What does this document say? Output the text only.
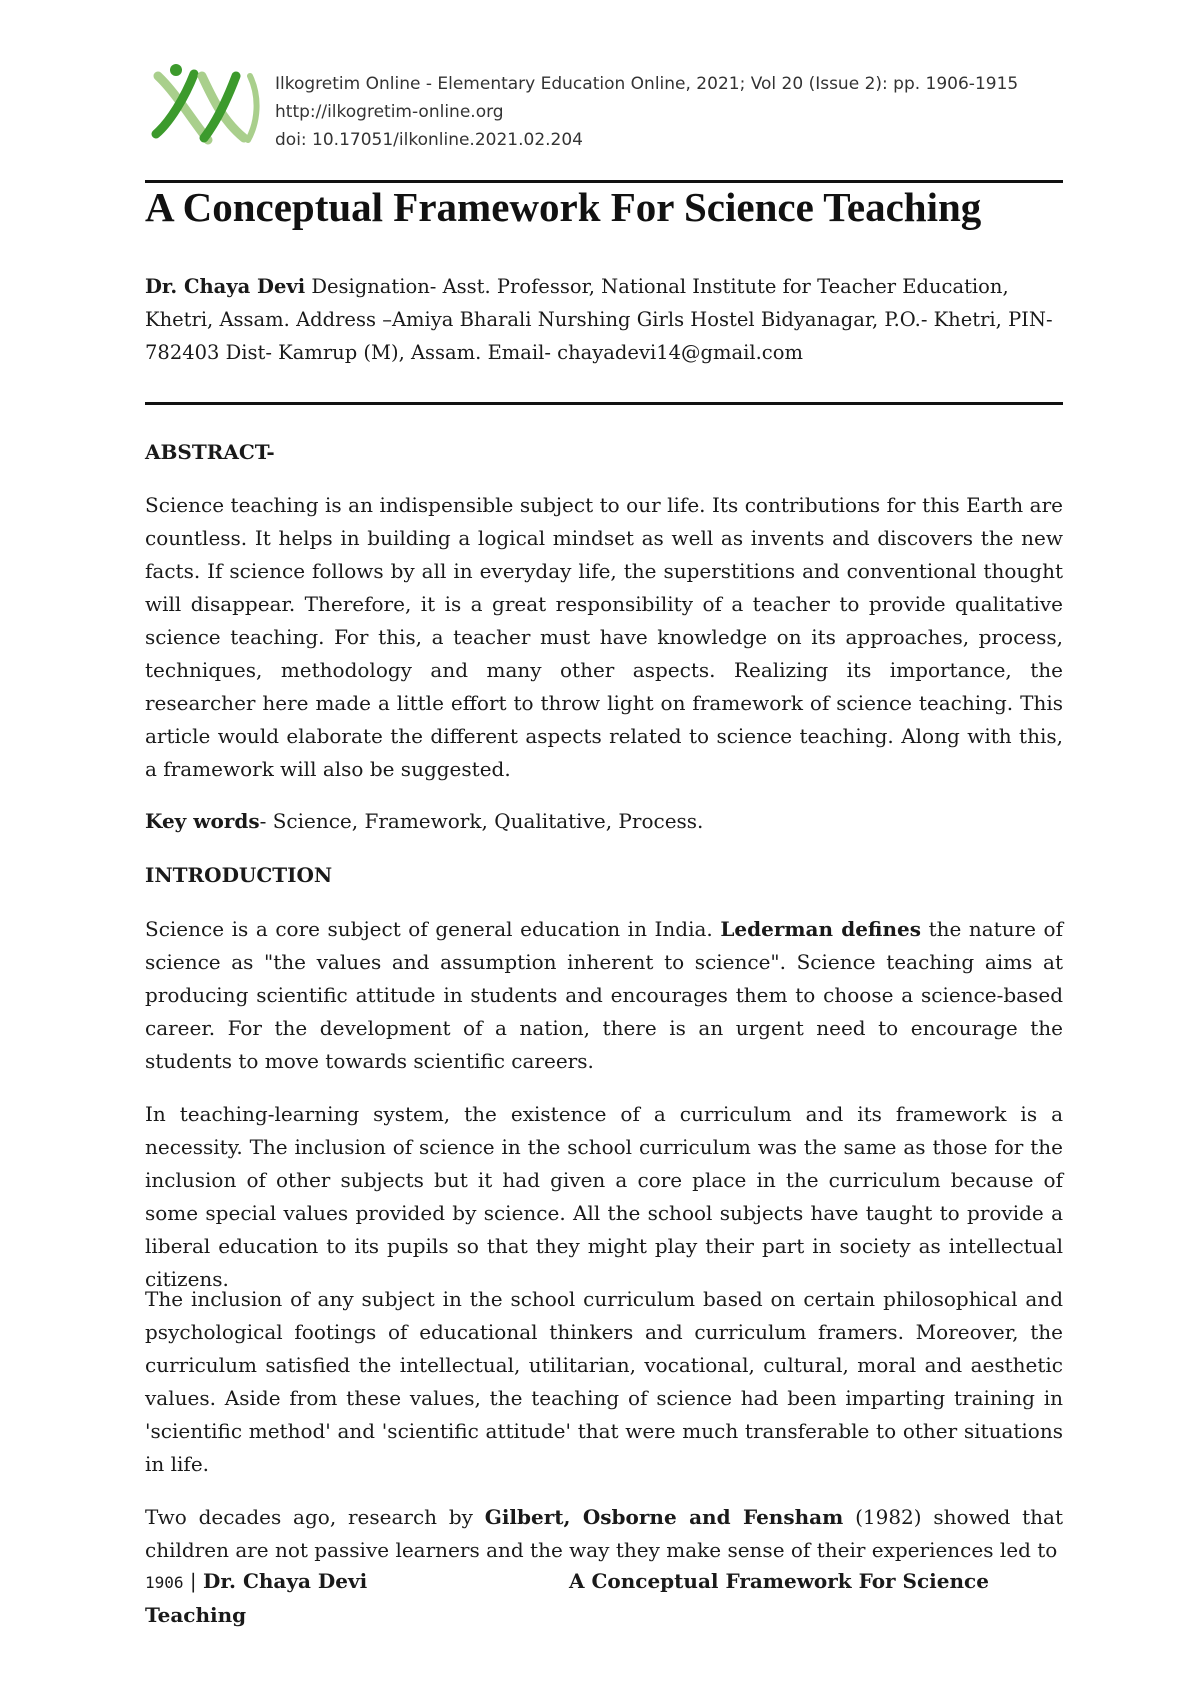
Ilkogretim Online - Elementary Education Online, 2021; Vol 20 (Issue 2): pp. 1906-1915
http://ilkogretim-online.org
doi: 10.17051/ilkonline.2021.02.204
A Conceptual Framework For Science Teaching

Dr. Chaya Devi Designation- Asst. Professor, National Institute for Teacher Education, Khetri, Assam. Address –Amiya Bharali Nurshing Girls Hostel Bidyanagar, P.O.- Khetri, PIN-782403 Dist- Kamrup (M), Assam. Email- chayadevi14@gmail.com

ABSTRACT-

Science teaching is an indispensible subject to our life. Its contributions for this Earth are countless. It helps in building a logical mindset as well as invents and discovers the new facts. If science follows by all in everyday life, the superstitions and conventional thought will disappear. Therefore, it is a great responsibility of a teacher to provide qualitative science teaching. For this, a teacher must have knowledge on its approaches, process, techniques, methodology and many other aspects. Realizing its importance, the researcher here made a little effort to throw light on framework of science teaching. This article would elaborate the different aspects related to science teaching. Along with this, a framework will also be suggested.

Key words- Science, Framework, Qualitative, Process.

INTRODUCTION

Science is a core subject of general education in India. Lederman defines the nature of science as "the values and assumption inherent to science". Science teaching aims at producing scientific attitude in students and encourages them to choose a science-based career. For the development of a nation, there is an urgent need to encourage the students to move towards scientific careers.

In teaching-learning system, the existence of a curriculum and its framework is a necessity. The inclusion of science in the school curriculum was the same as those for the inclusion of other subjects but it had given a core place in the curriculum because of some special values provided by science. All the school subjects have taught to provide a liberal education to its pupils so that they might play their part in society as intellectual citizens.

The inclusion of any subject in the school curriculum based on certain philosophical and psychological footings of educational thinkers and curriculum framers. Moreover, the curriculum satisfied the intellectual, utilitarian, vocational, cultural, moral and aesthetic values. Aside from these values, the teaching of science had been imparting training in 'scientific method' and 'scientific attitude' that were much transferable to other situations in life.

Two decades ago, research by Gilbert, Osborne and Fensham (1982) showed that children are not passive learners and the way they make sense of their experiences led to

1906 | Dr. Chaya Devi	A Conceptual Framework For Science
Teaching
